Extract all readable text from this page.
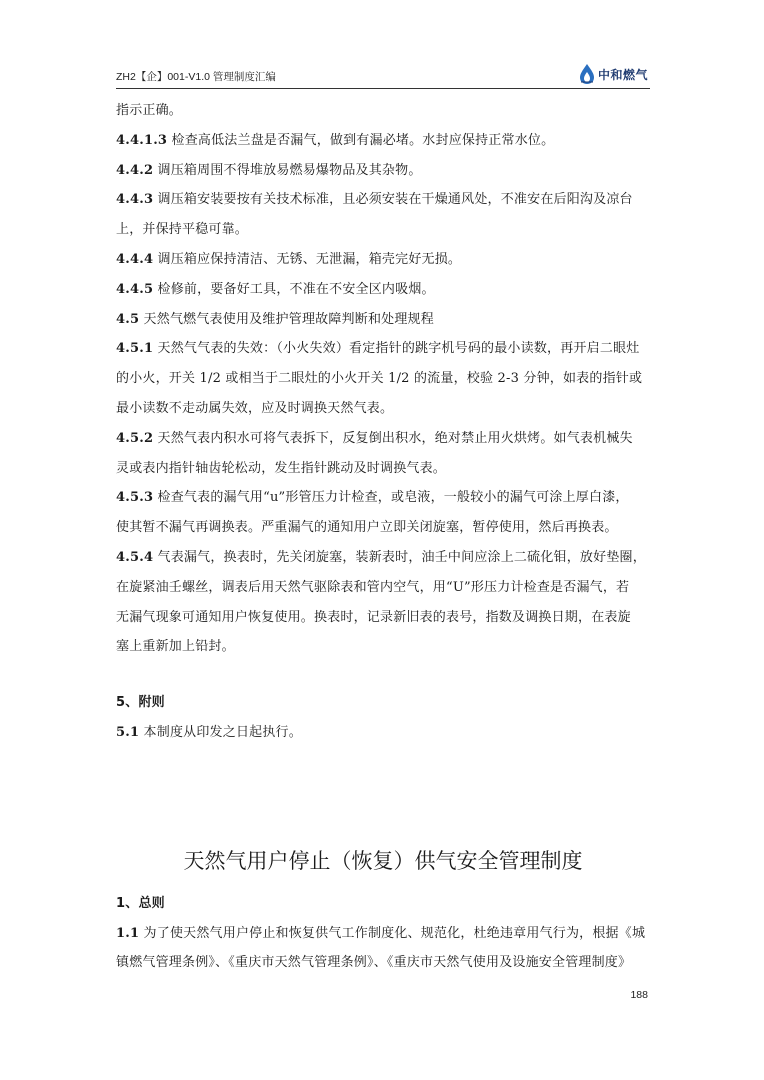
ZH2【企】001-V1.0 管理制度汇编	中和燃气
指示正确。
4.4.1.3 检查高低法兰盘是否漏气，做到有漏必堵。水封应保持正常水位。
4.4.2 调压箱周围不得堆放易燃易爆物品及其杂物。
4.4.3 调压箱安装要按有关技术标准，且必须安装在干燥通风处，不准安在后阳沟及凉台
上，并保持平稳可靠。
4.4.4 调压箱应保持清洁、无锈、无泄漏，箱壳完好无损。
4.4.5 检修前，要备好工具，不准在不安全区内吸烟。
4.5 天然气燃气表使用及维护管理故障判断和处理规程
4.5.1 天然气气表的失效：（小火失效）看定指针的跳字机号码的最小读数，再开启二眼灶
的小火，开关 1/2 或相当于二眼灶的小火开关 1/2 的流量，校验 2-3 分钟，如表的指针或
最小读数不走动属失效，应及时调换天然气表。
4.5.2 天然气表内积水可将气表拆下，反复倒出积水，绝对禁止用火烘烤。如气表机械失
灵或表内指针轴齿轮松动，发生指针跳动及时调换气表。
4.5.3 检查气表的漏气用“u”形管压力计检查，或皂液，一般较小的漏气可涂上厚白漆，
使其暂不漏气再调换表。严重漏气的通知用户立即关闭旋塞，暂停使用，然后再换表。
4.5.4 气表漏气，换表时，先关闭旋塞，装新表时，油壬中间应涂上二硫化钼，放好垫圈，
在旋紧油壬螺丝，调表后用天然气驱除表和管内空气，用“U”形压力计检查是否漏气，若
无漏气现象可通知用户恢复使用。换表时，记录新旧表的表号，指数及调换日期，在表旋
塞上重新加上铅封。
5、附则
5.1 本制度从印发之日起执行。
天然气用户停止（恢复）供气安全管理制度
1、总则
1.1 为了使天然气用户停止和恢复供气工作制度化、规范化，杜绝违章用气行为，根据《城
镇燃气管理条例》、《重庆市天然气管理条例》、《重庆市天然气使用及设施安全管理制度》
188
